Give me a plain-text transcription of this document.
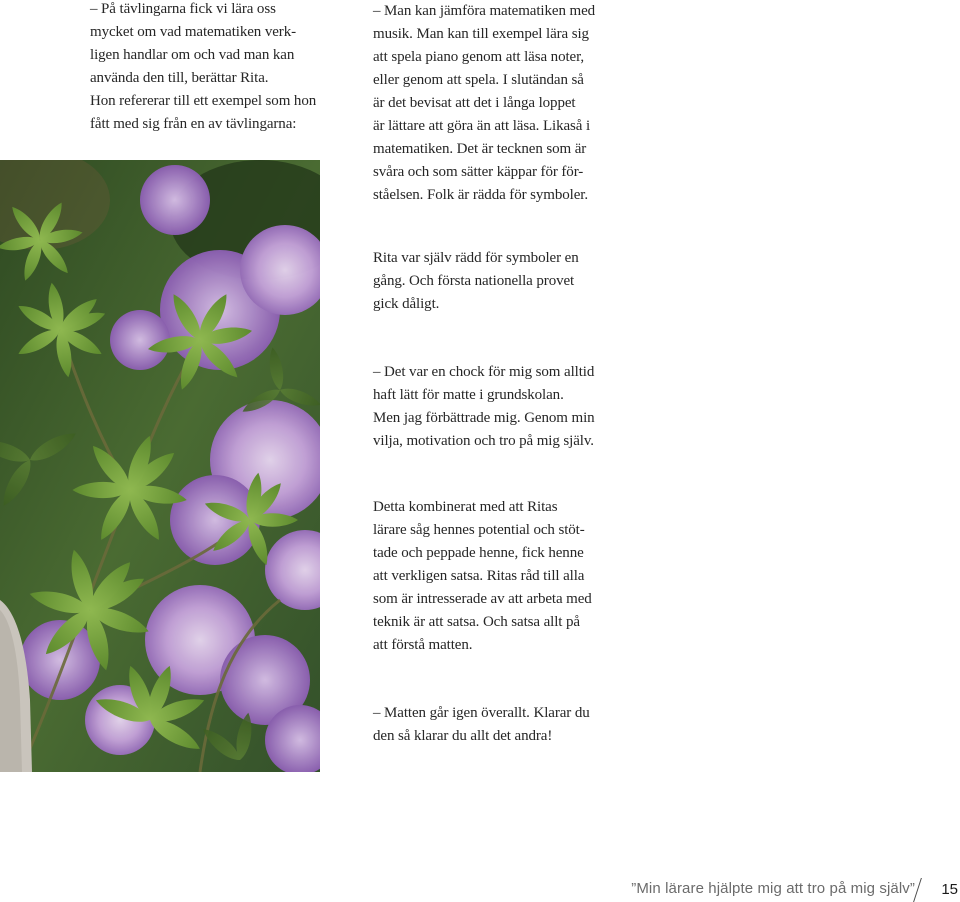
– På tävlingarna fick vi lära oss

mycket om vad matematiken verk-

ligen handlar om och vad man kan

använda den till, berättar Rita.

Hon refererar till ett exempel som hon

fått med sig från en av tävlingarna:

– Man kan jämföra matematiken med

musik. Man kan till exempel lära sig

att spela piano genom att läsa noter,

eller genom att spela. I slutändan så

är det bevisat att det i långa loppet

är lättare att göra än att läsa. Likaså i

matematiken. Det är tecknen som är

svåra och som sätter käppar för för-

ståelsen. Folk är rädda för symboler.

Rita var själv rädd för symboler en

gång. Och första nationella provet

gick dåligt.

– Det var en chock för mig som alltid

haft lätt för matte i grundskolan.

Men jag förbättrade mig. Genom min

vilja, motivation och tro på mig själv.

Detta kombinerat med att Ritas

lärare såg hennes potential och stöt-

tade och peppade henne, fick henne

att verkligen satsa. Ritas råd till alla

som är intresserade av att arbeta med

teknik är att satsa. Och satsa allt på

att förstå matten.

– Matten går igen överallt. Klarar du

den så klarar du allt det andra!

”Min lärare hjälpte mig att tro på mig själv” 15
